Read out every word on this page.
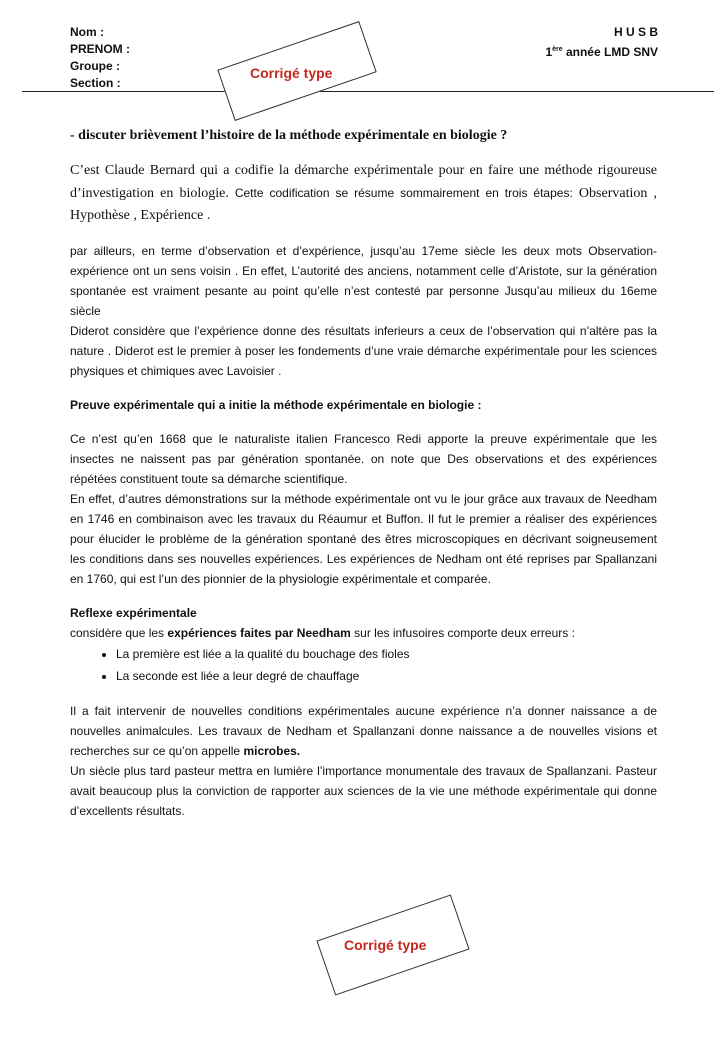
Nom :
PRENOM :
Groupe :
Section :
H U S B
1ère année LMD SNV
Corrigé type

- discuter brièvement l’histoire de la méthode expérimentale en biologie ?

C’est Claude Bernard qui a codifie la démarche expérimentale pour en faire une méthode rigoureuse d’investigation en biologie. Cette codification se résume sommairement en trois étapes: Observation , Hypothèse , Expérience .

par ailleurs, en terme d’observation et d’expérience, jusqu’au 17eme siècle les deux mots Observation-expérience ont un sens voisin . En effet, L’autorité des anciens, notamment celle d’Aristote, sur la génération spontanée est vraiment pesante au point qu’elle n’est contesté par personne Jusqu’au milieux du 16eme siècle

Diderot considère que l’expérience donne des résultats inferieurs a ceux de l’observation qui n’altère pas la nature . Diderot est le premier à poser les fondements d’une vraie démarche expérimentale pour les sciences physiques et chimiques avec Lavoisier .

Preuve expérimentale qui a initie la méthode expérimentale en biologie :

Ce n’est qu’en 1668 que le naturaliste italien Francesco Redi apporte la preuve expérimentale que les insectes ne naissent pas par génération spontanée. on note que Des observations et des expériences répétées constituent toute sa démarche scientifique.

En effet, d’autres démonstrations sur la méthode expérimentale ont vu le jour grâce aux travaux de Needham en 1746 en combinaison avec les travaux du Réaumur et Buffon. Il fut le premier a réaliser des expériences pour élucider le problème de la génération spontané des êtres microscopiques en décrivant soigneusement les conditions dans ses nouvelles expériences. Les expériences de Nedham ont été reprises par Spallanzani en 1760, qui est l’un des pionnier de la physiologie expérimentale et comparée.

Reflexe expérimentale

considère que les expériences faites par Needham sur les infusoires comporte deux erreurs :

• La première est liée a la qualité du bouchage des fioles
• La seconde est liée a leur degré de chauffage

Il a fait intervenir de nouvelles conditions expérimentales aucune expérience n’a donner naissance a de nouvelles animalcules. Les travaux de Nedham et Spallanzani donne naissance a de nouvelles visions et recherches sur ce qu’on appelle microbes.

Un siècle plus tard pasteur mettra en lumière l’importance monumentale des travaux de Spallanzani. Pasteur avait beaucoup plus la conviction de rapporter aux sciences de la vie une méthode expérimentale qui donne d’excellents résultats.

Corrigé type
